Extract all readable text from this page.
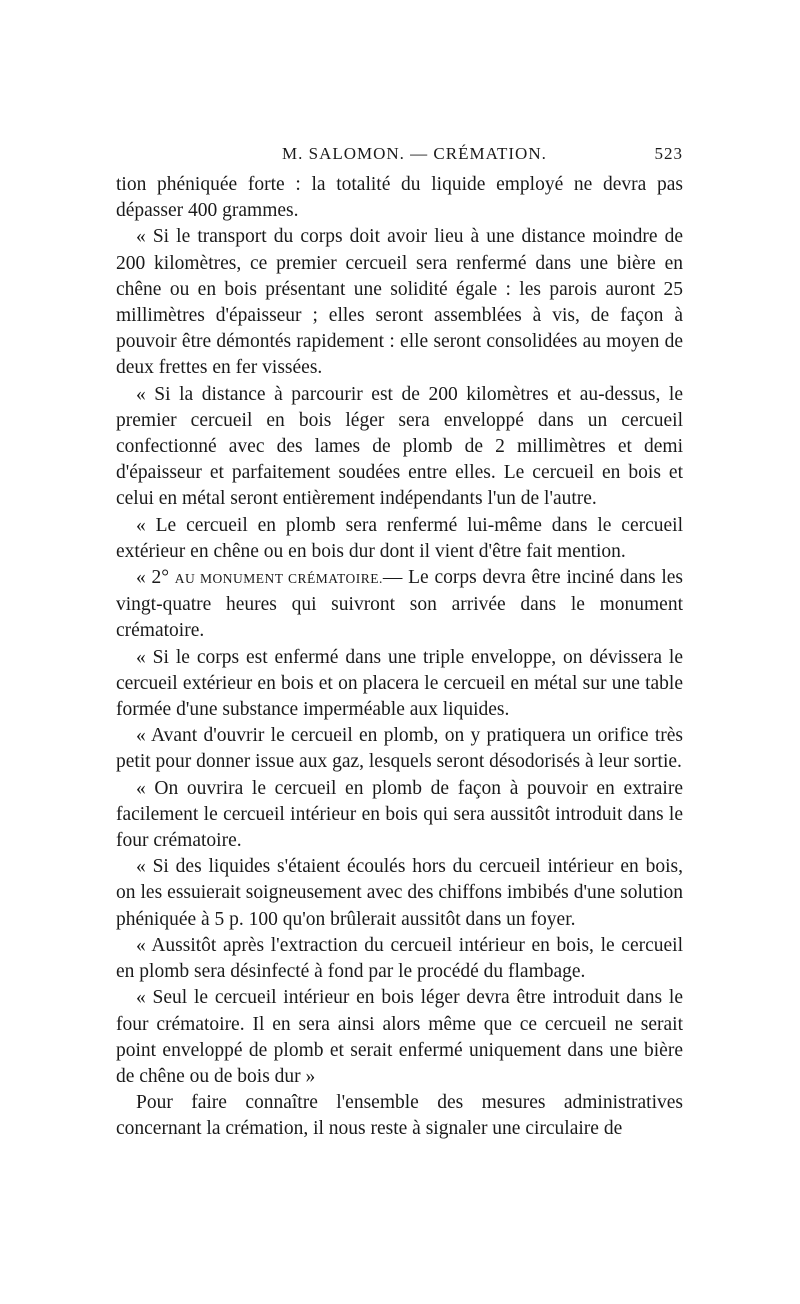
M. SALOMON. — CRÉMATION.	523

tion phéniquée forte : la totalité du liquide employé ne devra pas dépasser 400 grammes.

« Si le transport du corps doit avoir lieu à une distance moindre de 200 kilomètres, ce premier cercueil sera renfermé dans une bière en chêne ou en bois présentant une solidité égale : les parois auront 25 millimètres d'épaisseur ; elles seront assemblées à vis, de façon à pouvoir être démontés rapidement : elle seront consolidées au moyen de deux frettes en fer vissées.

« Si la distance à parcourir est de 200 kilomètres et au-dessus, le premier cercueil en bois léger sera enveloppé dans un cercueil confectionné avec des lames de plomb de 2 millimètres et demi d'épaisseur et parfaitement soudées entre elles. Le cercueil en bois et celui en métal seront entièrement indépendants l'un de l'autre.

« Le cercueil en plomb sera renfermé lui-même dans le cercueil extérieur en chêne ou en bois dur dont il vient d'être fait mention.

« 2° AU MONUMENT CRÉMATOIRE.— Le corps devra être inciné dans les vingt-quatre heures qui suivront son arrivée dans le monument crématoire.

« Si le corps est enfermé dans une triple enveloppe, on dévissera le cercueil extérieur en bois et on placera le cercueil en métal sur une table formée d'une substance imperméable aux liquides.

« Avant d'ouvrir le cercueil en plomb, on y pratiquera un orifice très petit pour donner issue aux gaz, lesquels seront désodorisés à leur sortie.

« On ouvrira le cercueil en plomb de façon à pouvoir en extraire facilement le cercueil intérieur en bois qui sera aussitôt introduit dans le four crématoire.

« Si des liquides s'étaient écoulés hors du cercueil intérieur en bois, on les essuierait soigneusement avec des chiffons imbibés d'une solution phéniquée à 5 p. 100 qu'on brûlerait aussitôt dans un foyer.

« Aussitôt après l'extraction du cercueil intérieur en bois, le cercueil en plomb sera désinfecté à fond par le procédé du flambage.

« Seul le cercueil intérieur en bois léger devra être introduit dans le four crématoire. Il en sera ainsi alors même que ce cercueil ne serait point enveloppé de plomb et serait enfermé uniquement dans une bière de chêne ou de bois dur »

Pour faire connaître l'ensemble des mesures administratives concernant la crémation, il nous reste à signaler une circulaire de
